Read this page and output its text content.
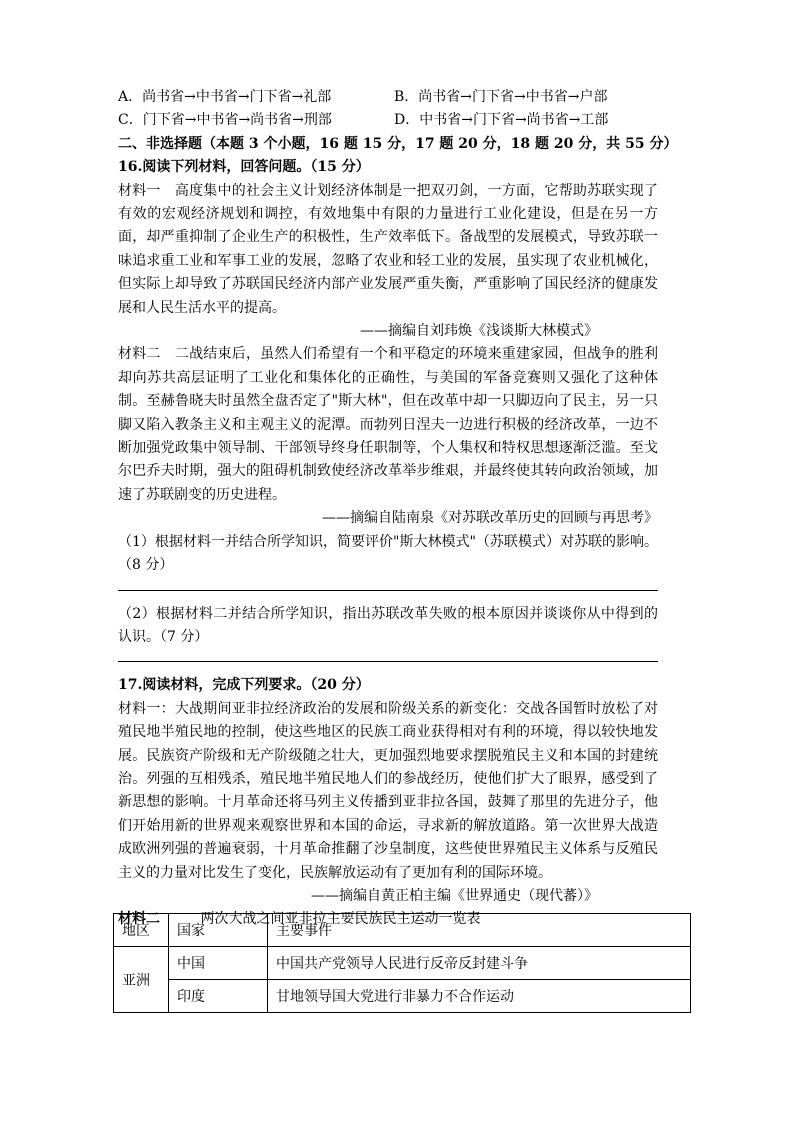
A．尚书省→中书省→门下省→礼部	B．尚书省→门下省→中书省→户部
C．门下省→中书省→尚书省→刑部	D．中书省→门下省→尚书省→工部
二、非选择题（本题 3 个小题，16 题 15 分，17 题 20 分，18 题 20 分，共 55 分）
16.阅读下列材料，回答问题。（15 分）
材料一　高度集中的社会主义计划经济体制是一把双刃剑，一方面，它帮助苏联实现了有效的宏观经济规划和调控，有效地集中有限的力量进行工业化建设，但是在另一方面，却严重抑制了企业生产的积极性，生产效率低下。备战型的发展模式，导致苏联一味追求重工业和军事工业的发展，忽略了农业和轻工业的发展，虽实现了农业机械化，但实际上却导致了苏联国民经济内部产业发展严重失衡，严重影响了国民经济的健康发展和人民生活水平的提高。
——摘编自刘玮焕《浅谈斯大林模式》
材料二　二战结束后，虽然人们希望有一个和平稳定的环境来重建家园，但战争的胜利却向苏共高层证明了工业化和集体化的正确性，与美国的军备竞赛则又强化了这种体制。至赫鲁晓夫时虽然全盘否定了"斯大林"，但在改革中却一只脚迈向了民主，另一只脚又陷入教条主义和主观主义的泥潭。而勃列日涅夫一边进行积极的经济改革，一边不断加强党政集中领导制、干部领导终身任职制等，个人集权和特权思想逐渐泛滥。至戈尔巴乔夫时期，强大的阻碍机制致使经济改革举步维艰，并最终使其转向政治领域，加速了苏联剧变的历史进程。
——摘编自陆南泉《对苏联改革历史的回顾与再思考》
（1）根据材料一并结合所学知识，简要评价"斯大林模式"（苏联模式）对苏联的影响。（8 分）
（2）根据材料二并结合所学知识，指出苏联改革失败的根本原因并谈谈你从中得到的认识。（7 分）
17.阅读材料，完成下列要求。（20 分）
材料一：大战期间亚非拉经济政治的发展和阶级关系的新变化：交战各国暂时放松了对殖民地半殖民地的控制，使这些地区的民族工商业获得相对有利的环境，得以较快地发展。民族资产阶级和无产阶级随之壮大，更加强烈地要求摆脱殖民主义和本国的封建统治。列强的互相残杀，殖民地半殖民地人们的参战经历，使他们扩大了眼界，感受到了新思想的影响。十月革命还将马列主义传播到亚非拉各国，鼓舞了那里的先进分子，他们开始用新的世界观来观察世界和本国的命运，寻求新的解放道路。第一次世界大战造成欧洲列强的普遍衰弱，十月革命推翻了沙皇制度，这些使世界殖民主义体系与反殖民主义的力量对比发生了变化，民族解放运动有了更加有利的国际环境。
——摘编自黄正柏主编《世界通史（现代蕃）》
材料二	两次大战之间亚非拉主要民族民主运动一览表
地区	国家	主要事件
亚洲	中国	中国共产党领导人民进行反帝反封建斗争
	印度	甘地领导国大党进行非暴力不合作运动
